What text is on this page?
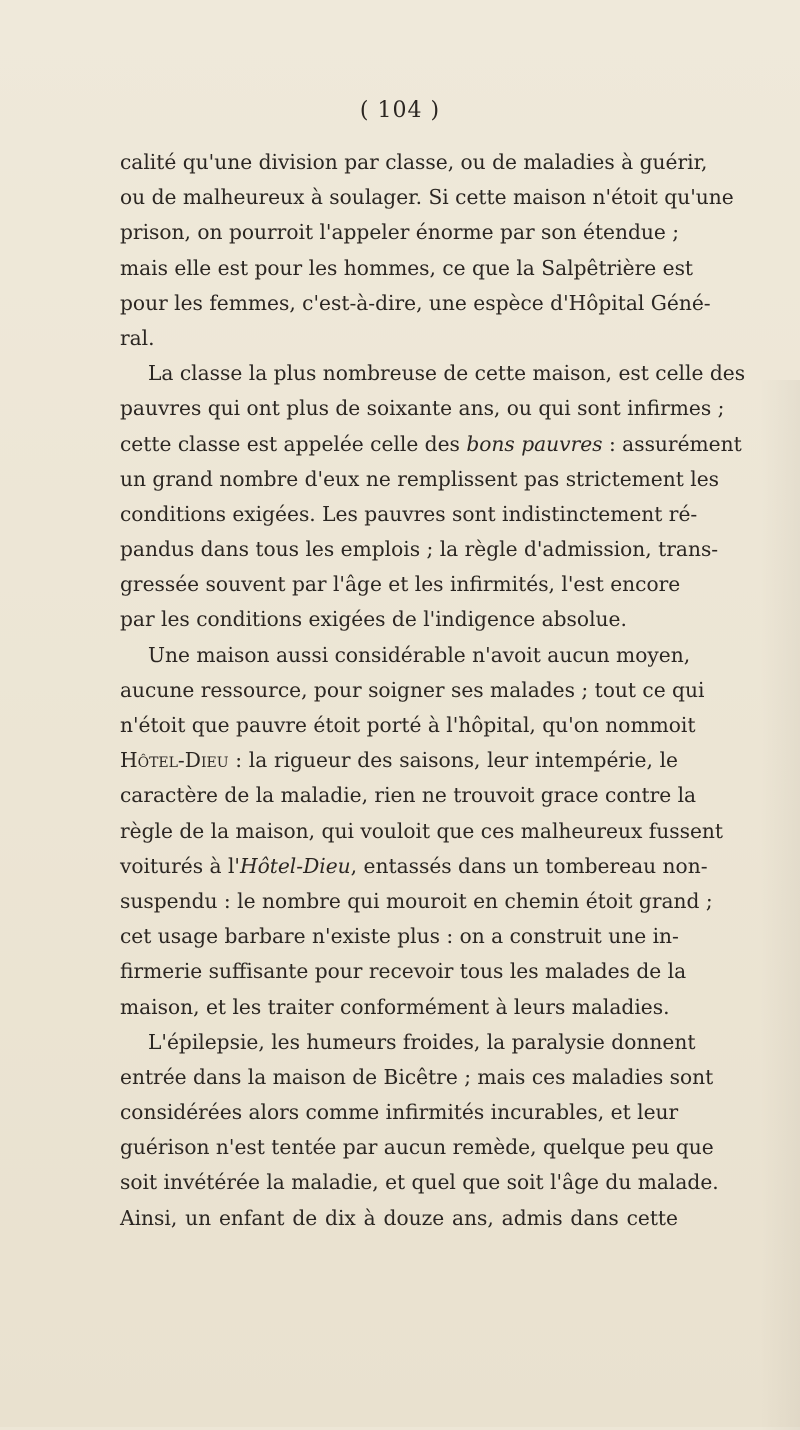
( 104 )
calité qu'une division par classe, ou de maladies à guérir,
ou de malheureux à soulager. Si cette maison n'étoit qu'une
prison, on pourroit l'appeler énorme par son étendue ;
mais elle est pour les hommes, ce que la Salpêtrière est
pour les femmes, c'est-à-dire, une espèce d'Hôpital Géné-
ral.
La classe la plus nombreuse de cette maison, est celle des
pauvres qui ont plus de soixante ans, ou qui sont infirmes ;
cette classe est appelée celle des bons pauvres : assurément
un grand nombre d'eux ne remplissent pas strictement les
conditions exigées. Les pauvres sont indistinctement ré-
pandus dans tous les emplois ; la règle d'admission, trans-
gressée souvent par l'âge et les infirmités, l'est encore
par les conditions exigées de l'indigence absolue.
Une maison aussi considérable n'avoit aucun moyen,
aucune ressource, pour soigner ses malades ; tout ce qui
n'étoit que pauvre étoit porté à l'hôpital, qu'on nommoit
Hôtel-Dieu : la rigueur des saisons, leur intempérie, le
caractère de la maladie, rien ne trouvoit grace contre la
règle de la maison, qui vouloit que ces malheureux fussent
voiturés à l'Hôtel-Dieu, entassés dans un tombereau non-
suspendu : le nombre qui mouroit en chemin étoit grand ;
cet usage barbare n'existe plus : on a construit une in-
firmerie suffisante pour recevoir tous les malades de la
maison, et les traiter conformément à leurs maladies.
L'épilepsie, les humeurs froides, la paralysie donnent
entrée dans la maison de Bicêtre ; mais ces maladies sont
considérées alors comme infirmités incurables, et leur
guérison n'est tentée par aucun remède, quelque peu que
soit invétérée la maladie, et quel que soit l'âge du malade.
Ainsi, un enfant de dix à douze ans, admis dans cette
